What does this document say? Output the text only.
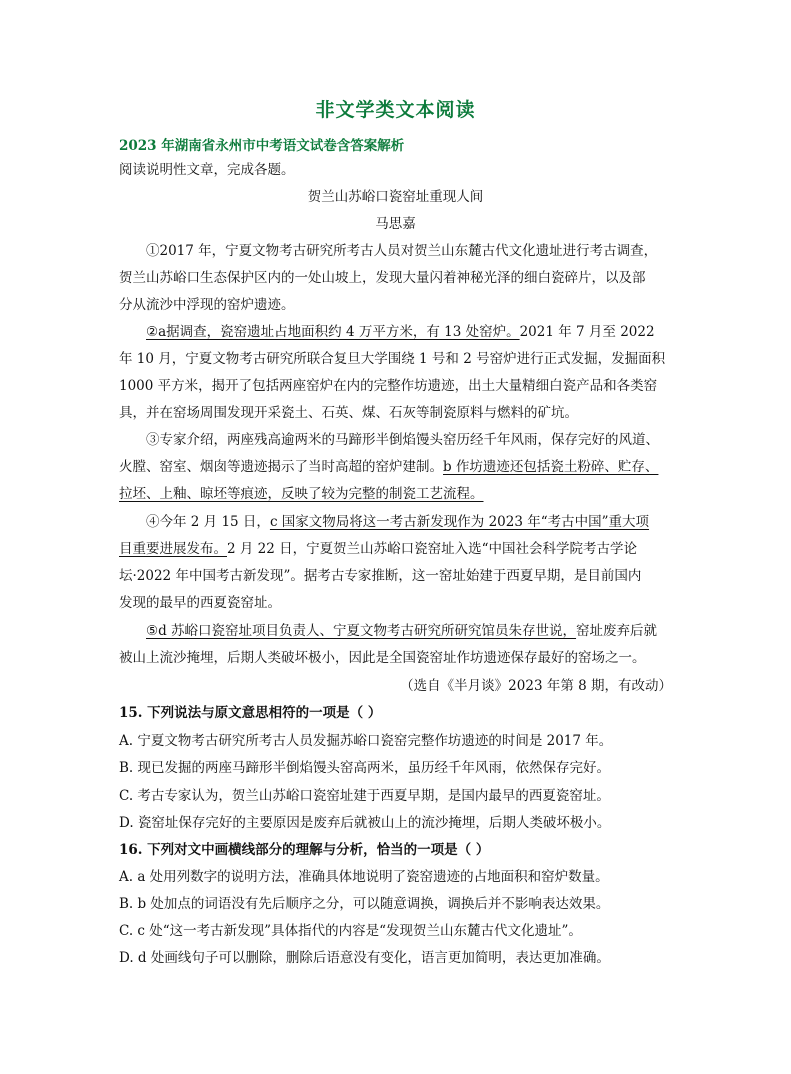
非文学类文本阅读
2023 年湖南省永州市中考语文试卷含答案解析
阅读说明性文章，完成各题。
贺兰山苏峪口瓷窑址重现人间
马思嘉
①2017 年，宁夏文物考古研究所考古人员对贺兰山东麓古代文化遗址进行考古调查，
贺兰山苏峪口生态保护区内的一处山坡上，发现大量闪着神秘光泽的细白瓷碎片，以及部
分从流沙中浮现的窑炉遗迹。
②a据调查，瓷窑遗址占地面积约 4 万平方米，有 13 处窑炉。2021 年 7 月至 2022
年 10 月，宁夏文物考古研究所联合复旦大学围绕 1 号和 2 号窑炉进行正式发掘，发掘面积
1000 平方米，揭开了包括两座窑炉在内的完整作坊遗迹，出土大量精细白瓷产品和各类窑
具，并在窑场周围发现开采瓷土、石英、煤、石灰等制瓷原料与燃料的矿坑。
③专家介绍，两座残高逾两米的马蹄形半倒焰馒头窑历经千年风雨，保存完好的风道、
火膛、窑室、烟囱等遗迹揭示了当时高超的窑炉建制。b 作坊遗迹还包括瓷土粉碎、贮存、
拉坯、上釉、晾坯等痕迹，反映了较为完整的制瓷工艺流程。
④今年 2 月 15 日，c 国家文物局将这一考古新发现作为 2023 年“考古中国”重大项
目重要进展发布。2 月 22 日，宁夏贺兰山苏峪口瓷窑址入选“中国社会科学院考古学论
坛·2022 年中国考古新发现”。据考古专家推断，这一窑址始建于西夏早期，是目前国内
发现的最早的西夏瓷窑址。
⑤d 苏峪口瓷窑址项目负责人、宁夏文物考古研究所研究馆员朱存世说，窑址废弃后就
被山上流沙掩埋，后期人类破坏极小，因此是全国瓷窑址作坊遗迹保存最好的窑场之一。
（选自《半月谈》2023 年第 8 期，有改动）
15. 下列说法与原文意思相符的一项是（ ）
A. 宁夏文物考古研究所考古人员发掘苏峪口瓷窑完整作坊遗迹的时间是 2017 年。
B. 现已发掘的两座马蹄形半倒焰馒头窑高两米，虽历经千年风雨，依然保存完好。
C. 考古专家认为，贺兰山苏峪口瓷窑址建于西夏早期，是国内最早的西夏瓷窑址。
D. 瓷窑址保存完好的主要原因是废弃后就被山上的流沙掩埋，后期人类破坏极小。
16. 下列对文中画横线部分的理解与分析，恰当的一项是（ ）
A. a 处用列数字的说明方法，准确具体地说明了瓷窑遗迹的占地面积和窑炉数量。
B. b 处加点的词语没有先后顺序之分，可以随意调换，调换后并不影响表达效果。
C. c 处“这一考古新发现”具体指代的内容是“发现贺兰山东麓古代文化遗址”。
D. d 处画线句子可以删除，删除后语意没有变化，语言更加简明，表达更加准确。
